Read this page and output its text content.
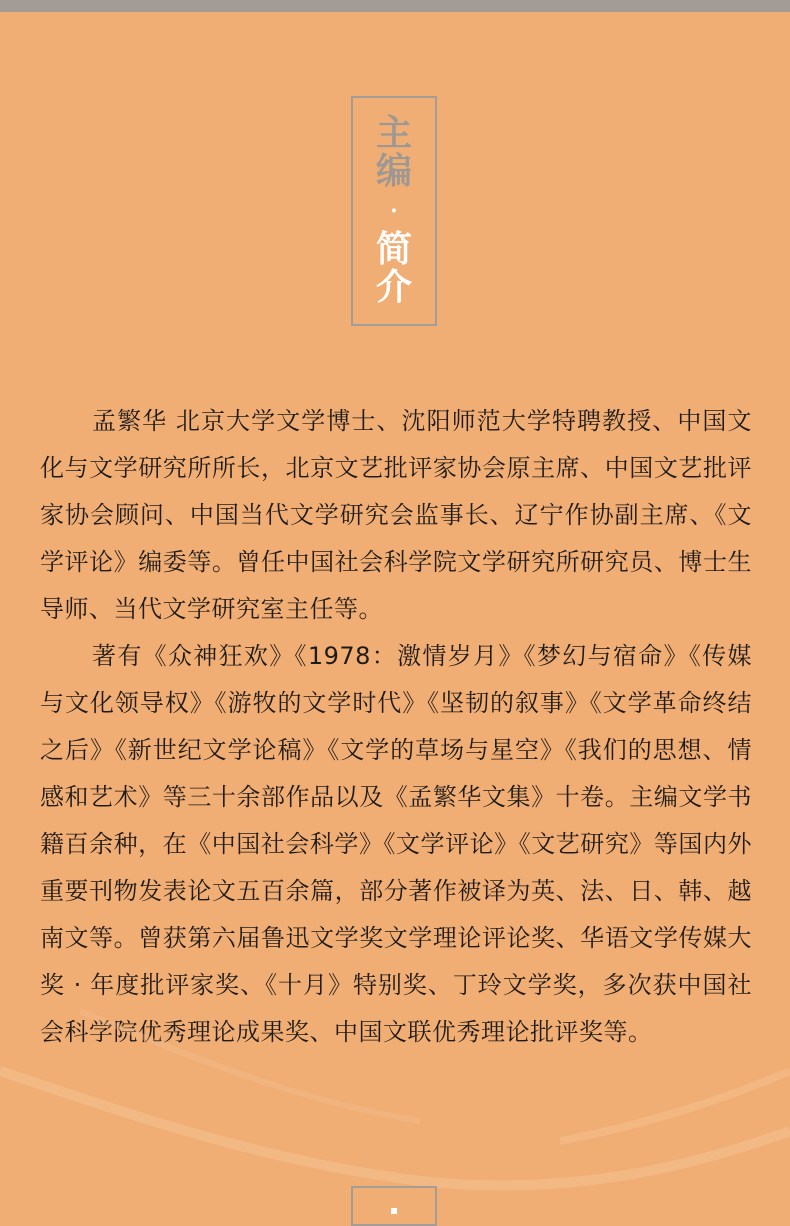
主
编
·
简
介

孟繁华 北京大学文学博士、沈阳师范大学特聘教授、中国文化与文学研究所所长，北京文艺批评家协会原主席、中国文艺批评家协会顾问、中国当代文学研究会监事长、辽宁作协副主席、《文学评论》编委等。曾任中国社会科学院文学研究所研究员、博士生导师、当代文学研究室主任等。

著有《众神狂欢》《1978：激情岁月》《梦幻与宿命》《传媒与文化领导权》《游牧的文学时代》《坚韧的叙事》《文学革命终结之后》《新世纪文学论稿》《文学的草场与星空》《我们的思想、情感和艺术》等三十余部作品以及《孟繁华文集》十卷。主编文学书籍百余种，在《中国社会科学》《文学评论》《文艺研究》等国内外重要刊物发表论文五百余篇，部分著作被译为英、法、日、韩、越南文等。曾获第六届鲁迅文学奖文学理论评论奖、华语文学传媒大奖 · 年度批评家奖、《十月》特别奖、丁玲文学奖，多次获中国社会科学院优秀理论成果奖、中国文联优秀理论批评奖等。
